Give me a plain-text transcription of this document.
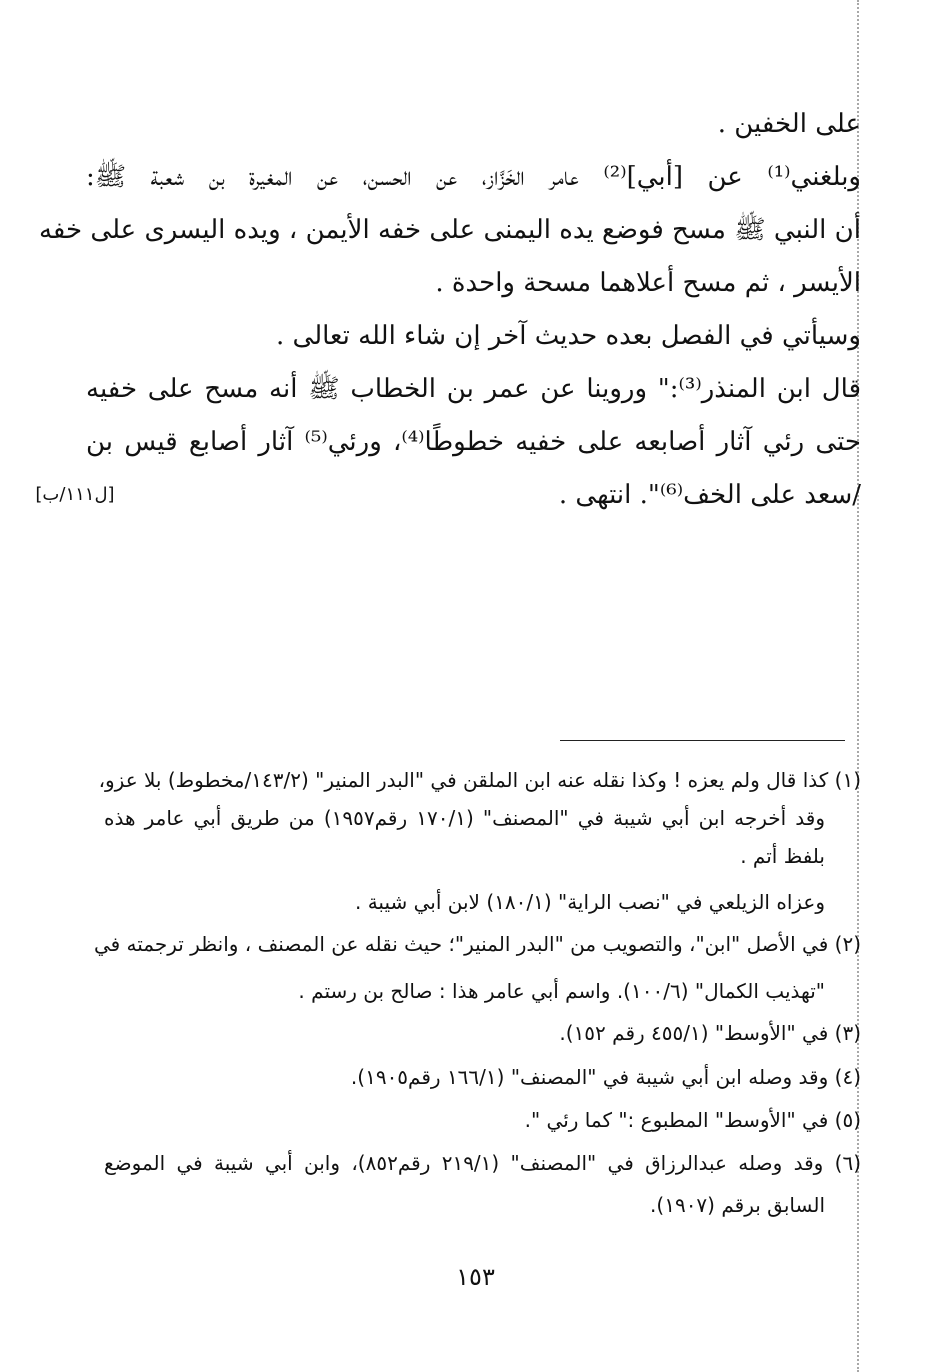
على الخفين .
وبلغني⁽¹⁾ عن [أبي]⁽²⁾ عامر الخَزَّاز، عن الحسن، عن المغيرة بن شعبة ﷺ:
أن النبي ﷺ مسح فوضع يده اليمنى على خفه الأيمن ، ويده اليسرى على خفه
الأيسر ، ثم مسح أعلاهما مسحة واحدة .
وسيأتي في الفصل بعده حديث آخر إن شاء الله تعالى .
قال ابن المنذر⁽³⁾:" وروينا عن عمر بن الخطاب ﷺ أنه مسح على خفيه
حتى رئي آثار أصابعه على خفيه خطوطًا⁽⁴⁾، ورئي⁽⁵⁾ آثار أصابع قيس بن
/سعد على الخف⁽⁶⁾". انتهى .
[ل١١١/ب]
(١) كذا قال ولم يعزه ! وكذا نقله عنه ابن الملقن في "البدر المنير" (١٤٣/٢/مخطوط) بلا عزو،
وقد أخرجه ابن أبي شيبة في "المصنف" (١٧٠/١ رقم١٩٥٧) من طريق أبي عامر هذه
بلفظ أتم .
وعزاه الزيلعي في "نصب الراية" (١٨٠/١) لابن أبي شيبة .
(٢) في الأصل "ابن"، والتصويب من "البدر المنير"؛ حيث نقله عن المصنف ، وانظر ترجمته في
"تهذيب الكمال" (١٠٠/٦). واسم أبي عامر هذا : صالح بن رستم .
(٣) في "الأوسط" (٤٥٥/١ رقم ١٥٢).
(٤) وقد وصله ابن أبي شيبة في "المصنف" (١٦٦/١ رقم١٩٠٥).
(٥) في "الأوسط" المطبوع :" كما رئي ".
(٦) وقد وصله عبدالرزاق في "المصنف" (٢١٩/١ رقم٨٥٢)، وابن أبي شيبة في الموضع
السابق برقم (١٩٠٧).
١٥٣
